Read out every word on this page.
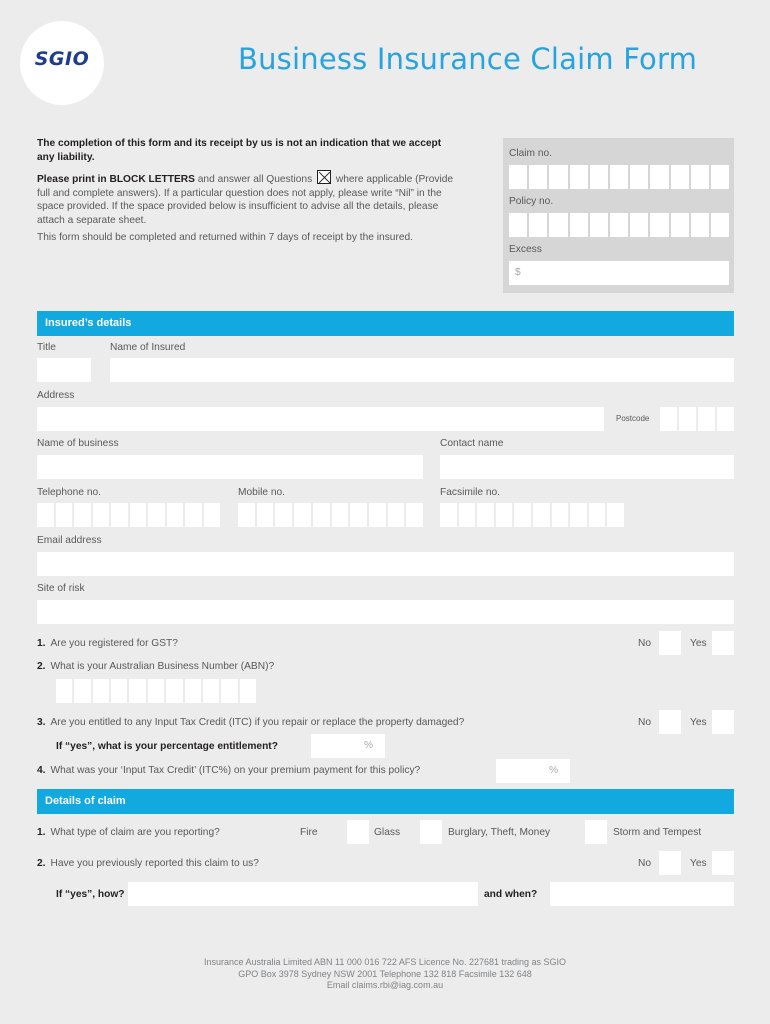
SGIO	Business Insurance Claim Form
The completion of this form and its receipt by us is not an indication that we accept any liability.
Please print in BLOCK LETTERS and answer all Questions  where applicable (Provide full and complete answers). If a particular question does not apply, please write “Nil” in the space provided. If the space provided below is insufficient to advise all the details, please attach a separate sheet.
This form should be completed and returned within 7 days of receipt by the insured.
Claim no.
Policy no.
Excess
$
Insured’s details
Title	Name of Insured
Address
Postcode
Name of business	Contact name
Telephone no.	Mobile no.	Facsimile no.
Email address
Site of risk
1. Are you registered for GST?	No	Yes
2. What is your Australian Business Number (ABN)?
3. Are you entitled to any Input Tax Credit (ITC) if you repair or replace the property damaged?	No	Yes
If “yes”, what is your percentage entitlement?	%
4. What was your ‘Input Tax Credit’ (ITC%) on your premium payment for this policy?	%
Details of claim
1. What type of claim are you reporting?	Fire	Glass	Burglary, Theft, Money	Storm and Tempest
2. Have you previously reported this claim to us?	No	Yes
If “yes”, how?	and when?
Insurance Australia Limited ABN 11 000 016 722 AFS Licence No. 227681 trading as SGIO
GPO Box 3978 Sydney NSW 2001 Telephone 132 818 Facsimile 132 648
Email claims.rbi@iag.com.au
